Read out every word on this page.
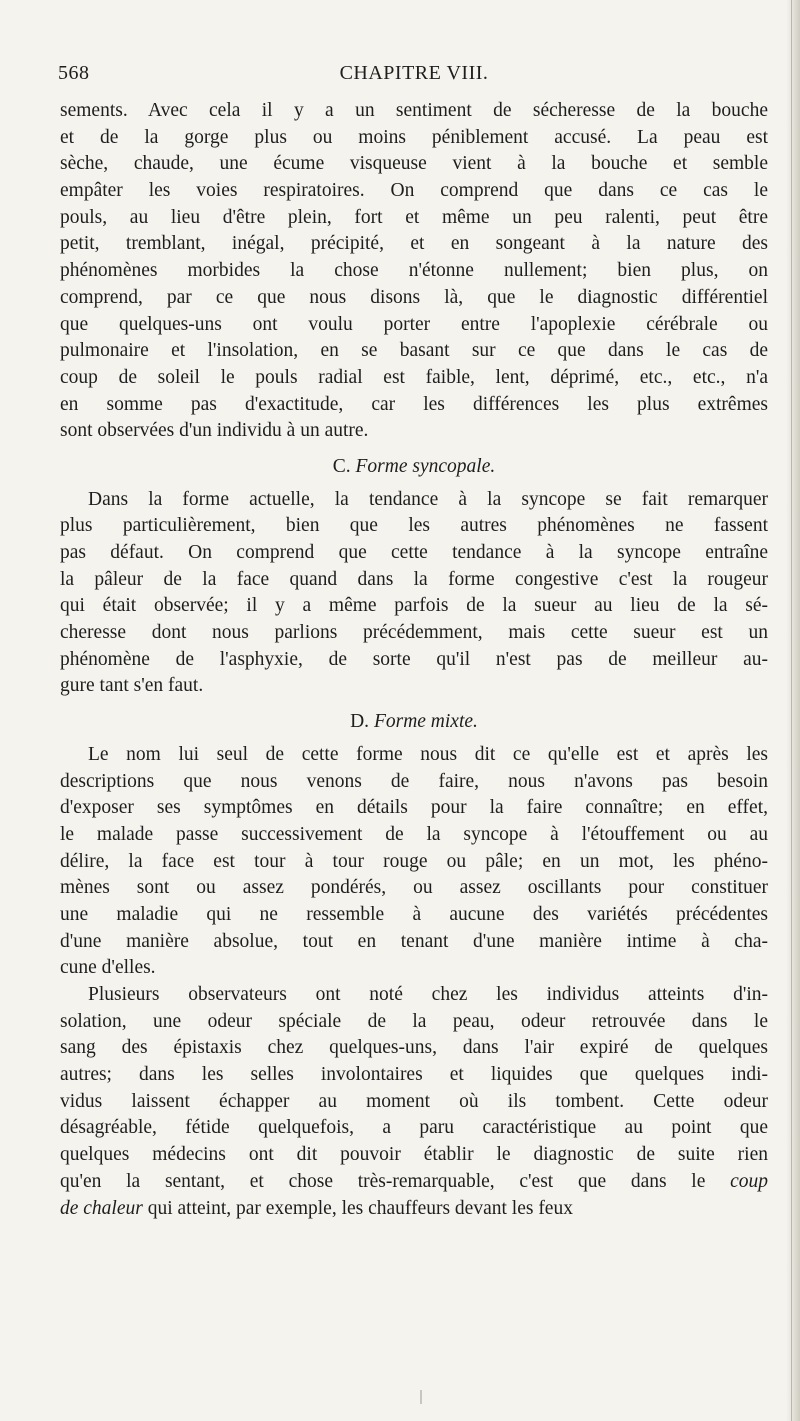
568	CHAPITRE VIII.
sements. Avec cela il y a un sentiment de sécheresse de la bouche
et de la gorge plus ou moins péniblement accusé. La peau est
sèche, chaude, une écume visqueuse vient à la bouche et semble
empâter les voies respiratoires. On comprend que dans ce cas le
pouls, au lieu d'être plein, fort et même un peu ralenti, peut être
petit, tremblant, inégal, précipité, et en songeant à la nature des
phénomènes morbides la chose n'étonne nullement; bien plus, on
comprend, par ce que nous disons là, que le diagnostic différentiel
que quelques-uns ont voulu porter entre l'apoplexie cérébrale ou
pulmonaire et l'insolation, en se basant sur ce que dans le cas de
coup de soleil le pouls radial est faible, lent, déprimé, etc., etc., n'a
en somme pas d'exactitude, car les différences les plus extrêmes
sont observées d'un individu à un autre.
C. Forme syncopale.
Dans la forme actuelle, la tendance à la syncope se fait remarquer
plus particulièrement, bien que les autres phénomènes ne fassent
pas défaut. On comprend que cette tendance à la syncope entraîne
la pâleur de la face quand dans la forme congestive c'est la rougeur
qui était observée; il y a même parfois de la sueur au lieu de la sé-
cheresse dont nous parlions précédemment, mais cette sueur est un
phénomène de l'asphyxie, de sorte qu'il n'est pas de meilleur au-
gure tant s'en faut.
D. Forme mixte.
Le nom lui seul de cette forme nous dit ce qu'elle est et après les
descriptions que nous venons de faire, nous n'avons pas besoin
d'exposer ses symptômes en détails pour la faire connaître; en effet,
le malade passe successivement de la syncope à l'étouffement ou au
délire, la face est tour à tour rouge ou pâle; en un mot, les phéno-
mènes sont ou assez pondérés, ou assez oscillants pour constituer
une maladie qui ne ressemble à aucune des variétés précédentes
d'une manière absolue, tout en tenant d'une manière intime à cha-
cune d'elles.
Plusieurs observateurs ont noté chez les individus atteints d'in-
solation, une odeur spéciale de la peau, odeur retrouvée dans le
sang des épistaxis chez quelques-uns, dans l'air expiré de quelques
autres; dans les selles involontaires et liquides que quelques indi-
vidus laissent échapper au moment où ils tombent. Cette odeur
désagréable, fétide quelquefois, a paru caractéristique au point que
quelques médecins ont dit pouvoir établir le diagnostic de suite rien
qu'en la sentant, et chose très-remarquable, c'est que dans le coup
de chaleur qui atteint, par exemple, les chauffeurs devant les feux
